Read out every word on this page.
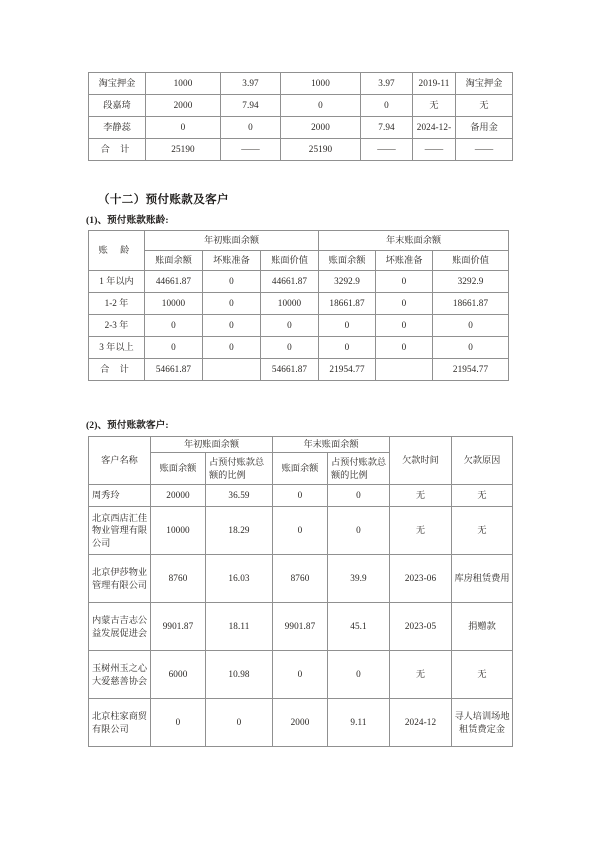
淘宝押金	1000	3.97	1000	3.97	2019-11	淘宝押金
段嘉琦	2000	7.94	0	0	无	无
李静蕊	0	0	2000	7.94	2024-12-	备用金
合 计	25190	——	25190	——	——	——
（十二）预付账款及客户
(1)、预付账款账龄:
账 龄	年初账面余额			年末账面余额		
	账面余额	坏账准备	账面价值	账面余额	坏账准备	账面价值
1 年以内	44661.87	0	44661.87	3292.9	0	3292.9
1-2 年	10000	0	10000	18661.87	0	18661.87
2-3 年	0	0	0	0	0	0
3 年以上	0	0	0	0	0	0
合 计	54661.87		54661.87	21954.77		21954.77
(2)、预付账款客户:
客户名称	年初账面余额		年末账面余额		欠款时间	欠款原因
	账面余额	占预付账款总额的比例	账面余额	占预付账款总额的比例		
周秀玲	20000	36.59	0	0	无	无
北京西店汇佳物业管理有限公司	10000	18.29	0	0	无	无
北京伊莎物业管理有限公司	8760	16.03	8760	39.9	2023-06	库房租赁费用
内蒙古吉志公益发展促进会	9901.87	18.11	9901.87	45.1	2023-05	捐赠款
玉树州玉之心大爱慈善协会	6000	10.98	0	0	无	无
北京柱家商贸有限公司	0	0	2000	9.11	2024-12	寻人培训场地租赁费定金
